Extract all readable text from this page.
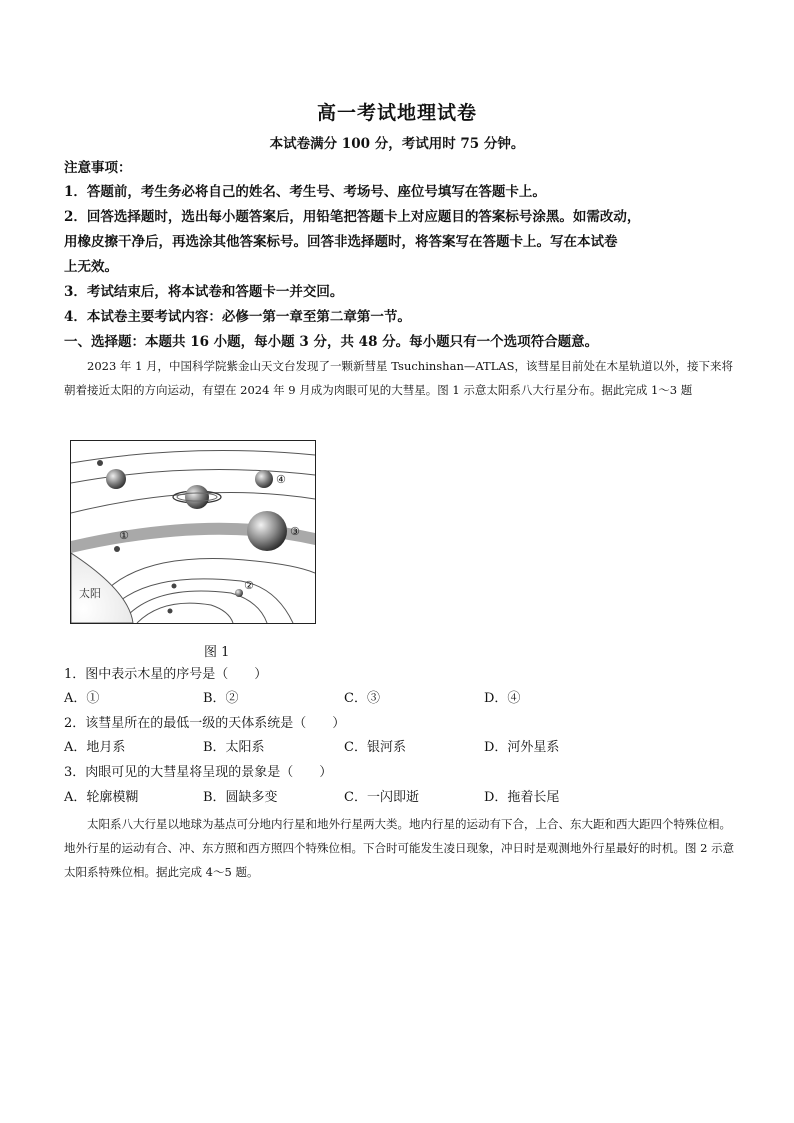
高一考试地理试卷
本试卷满分 100 分，考试用时 75 分钟。
注意事项：
1．答题前，考生务必将自己的姓名、考生号、考场号、座位号填写在答题卡上。
2．回答选择题时，选出每小题答案后，用铅笔把答题卡上对应题目的答案标号涂黑。如需改动，
用橡皮擦干净后，再选涂其他答案标号。回答非选择题时，将答案写在答题卡上。写在本试卷
上无效。
3．考试结束后，将本试卷和答题卡一并交回。
4．本试卷主要考试内容：必修一第一章至第二章第一节。
一、选择题：本题共 16 小题，每小题 3 分，共 48 分。每小题只有一个选项符合题意。

2023 年 1 月，中国科学院紫金山天文台发现了一颗新彗星 Tsuchinshan—ATLAS，该彗星目前处在木星轨道以外，接下来将朝着接近太阳的方向运动，有望在 2024 年 9 月成为肉眼可见的大彗星。图 1 示意太阳系八大行星分布。据此完成 1～3 题

①
②
③
④
太阳
图 1
1．图中表示木星的序号是（　　）
A．①	B．②	C．③	D．④
2．该彗星所在的最低一级的天体系统是（　　）
A．地月系	B．太阳系	C．银河系	D．河外星系
3．肉眼可见的大彗星将呈现的景象是（　　）
A．轮廓模糊	B．圆缺多变	C．一闪即逝	D．拖着长尾

太阳系八大行星以地球为基点可分地内行星和地外行星两大类。地内行星的运动有下合，上合、东大距和西大距四个特殊位相。地外行星的运动有合、冲、东方照和西方照四个特殊位相。下合时可能发生凌日现象，冲日时是观测地外行星最好的时机。图 2 示意太阳系特殊位相。据此完成 4～5 题。
